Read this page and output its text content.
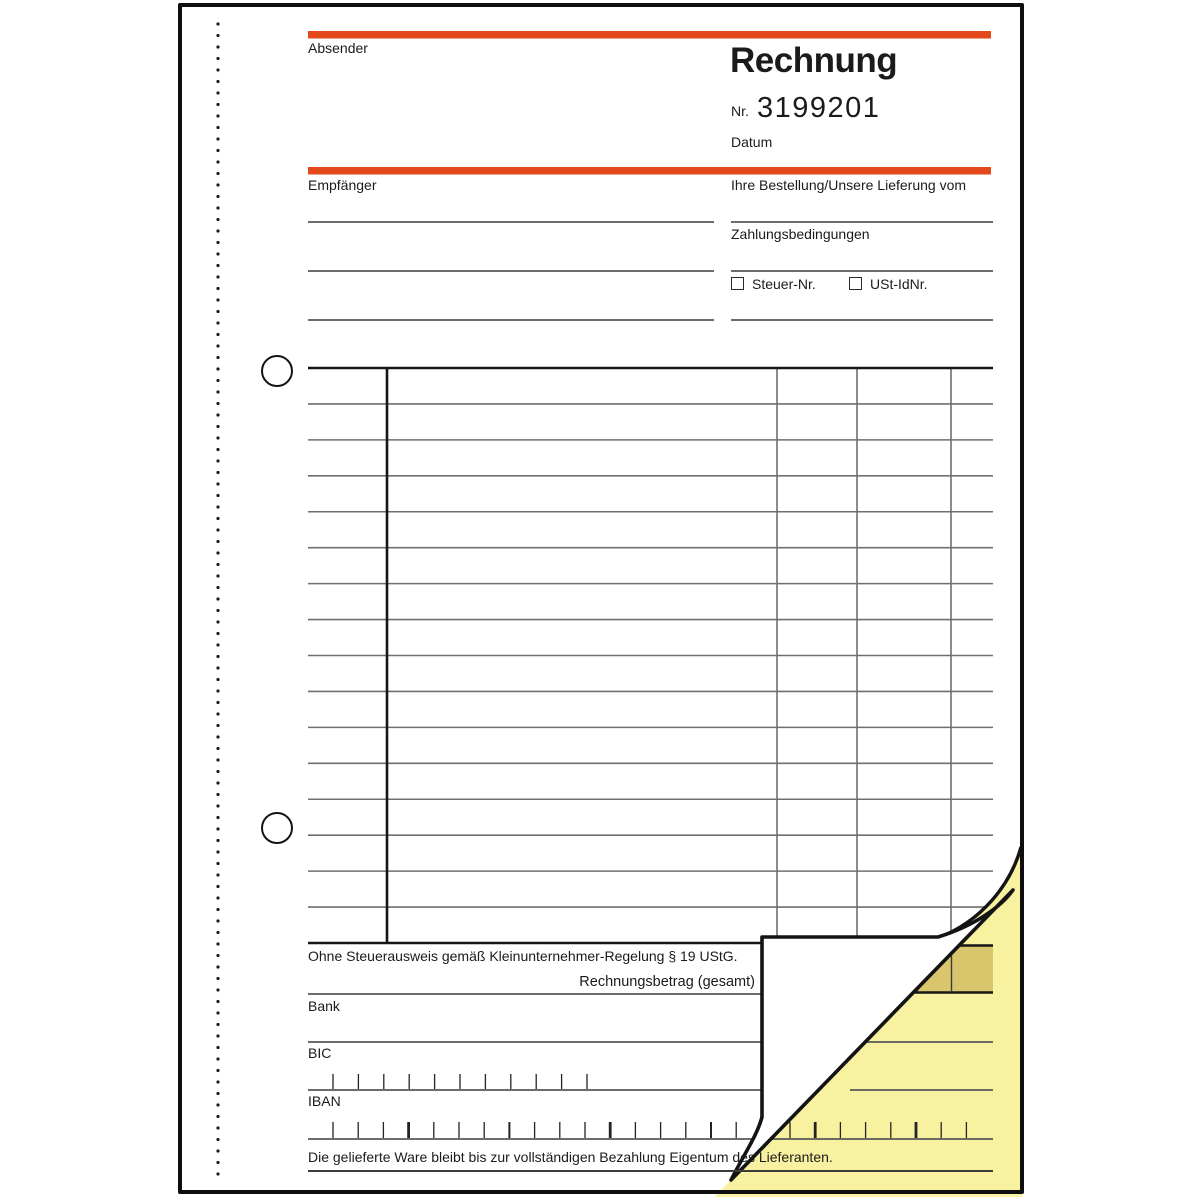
Absender	Rechnung
Nr. 3199201
Datum
Empfänger	Ihre Bestellung/Unsere Lieferung vom
Zahlungsbedingungen
Steuer-Nr.	USt-IdNr.
Ohne Steuerausweis gemäß Kleinunternehmer-Regelung § 19 UStG.
Rechnungsbetrag (gesamt)
Bank
BIC
IBAN
Die gelieferte Ware bleibt bis zur vollständigen Bezahlung Eigentum des Lieferanten.
